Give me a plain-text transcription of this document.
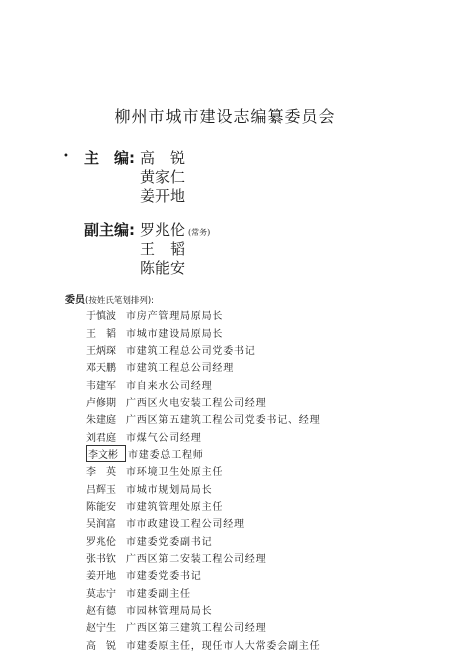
柳州市城市建设志编纂委员会
• 主　编: 高　锐
黄家仁
姜开地
副主编: 罗兆伦 (常务)
王　韬
陈能安
委员(按姓氏笔划排列):
于慎波	市房产管理局原局长
王　韬	市城市建设局原局长
王炳琛	市建筑工程总公司党委书记
邓天鹏	市建筑工程总公司经理
韦建军	市自来水公司经理
卢修期	广西区火电安装工程公司经理
朱建庭	广西区第五建筑工程公司党委书记、经理
刘君庭	市煤气公司经理
李文彬	市建委总工程师
李　英	市环境卫生处原主任
吕辉玉	市城市规划局局长
陈能安	市建筑管理处原主任
吴润富	市市政建设工程公司经理
罗兆伦	市建委党委副书记
张书钦	广西区第二安装工程公司经理
姜开地	市建委党委书记
莫志宁	市建委副主任
赵有德	市园林管理局局长
赵宁生	广西区第三建筑工程公司经理
高　锐	市建委原主任，现任市人大常委会副主任
